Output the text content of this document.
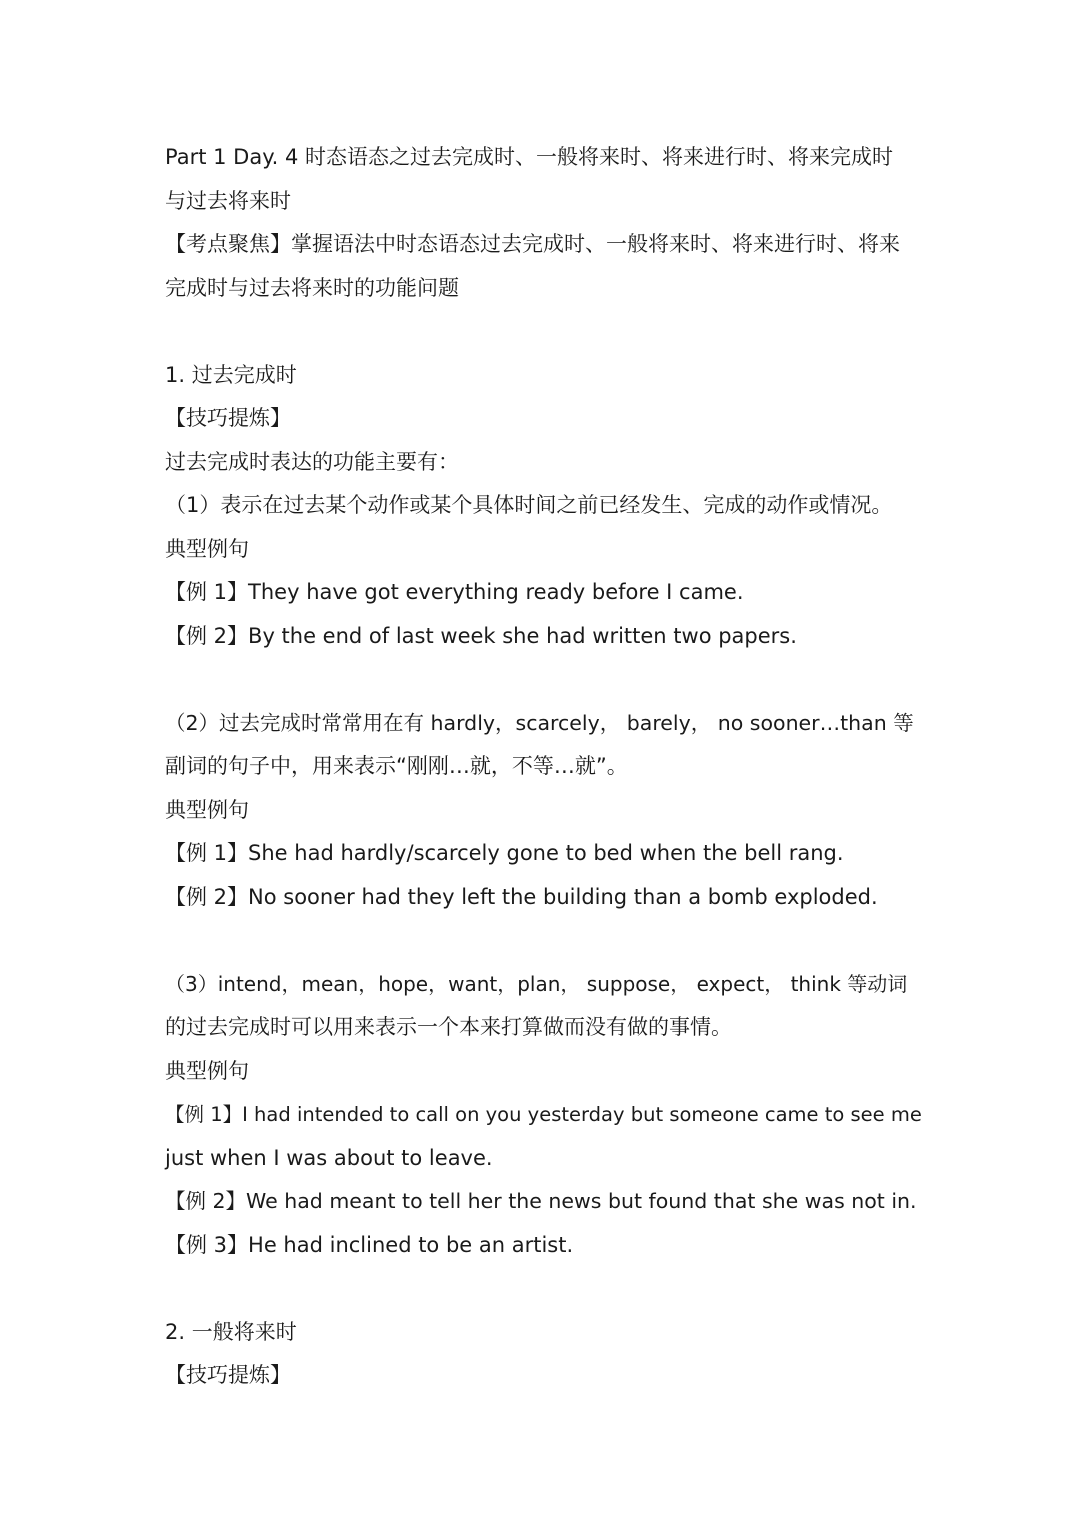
Part 1 Day. 4 时态语态之过去完成时、一般将来时、将来进行时、将来完成时
与过去将来时
【考点聚焦】掌握语法中时态语态过去完成时、一般将来时、将来进行时、将来
完成时与过去将来时的功能问题
1. 过去完成时
【技巧提炼】
过去完成时表达的功能主要有：
（1）表示在过去某个动作或某个具体时间之前已经发生、完成的动作或情况。
典型例句
【例 1】They have got everything ready before I came.
【例 2】By the end of last week she had written two papers.
（2）过去完成时常常用在有 hardly，scarcely， barely， no sooner…than 等
副词的句子中，用来表示“刚刚…就，不等…就”。
典型例句
【例 1】She had hardly/scarcely gone to bed when the bell rang.
【例 2】No sooner had they left the building than a bomb exploded.
（3）intend，mean，hope，want，plan， suppose， expect， think 等动词
的过去完成时可以用来表示一个本来打算做而没有做的事情。
典型例句
【例 1】I had intended to call on you yesterday but someone came to see me
just when I was about to leave.
【例 2】We had meant to tell her the news but found that she was not in.
【例 3】He had inclined to be an artist.
2. 一般将来时
【技巧提炼】
